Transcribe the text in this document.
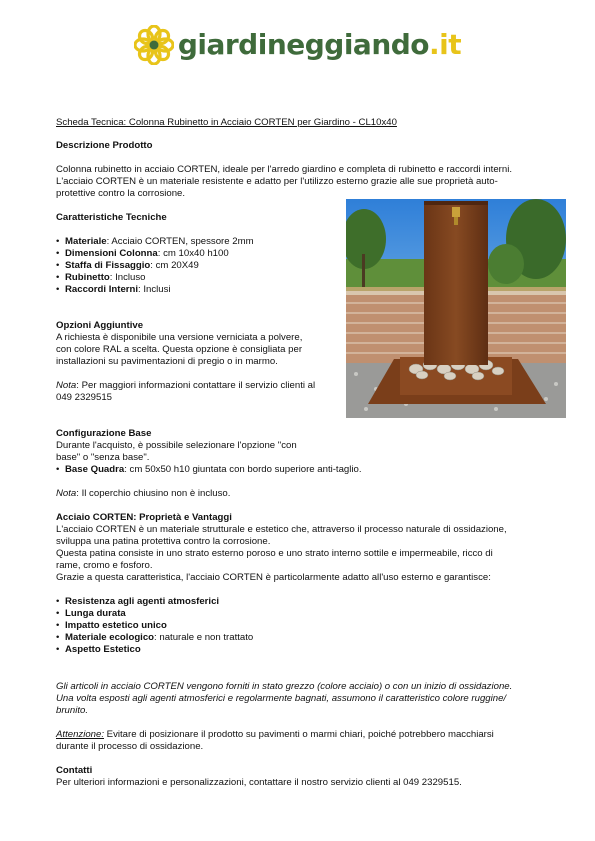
giardineggiando.it
Scheda Tecnica: Colonna Rubinetto in Acciaio CORTEN per Giardino - CL10x40
Descrizione Prodotto
Colonna rubinetto in acciaio CORTEN, ideale per l'arredo giardino e completa di rubinetto e raccordi interni.
L'acciaio CORTEN è un materiale resistente e adatto per l'utilizzo esterno grazie alle sue proprietà auto-
protettive contro la corrosione.
Caratteristiche Tecniche
• Materiale: Acciaio CORTEN, spessore 2mm
• Dimensioni Colonna: cm 10x40 h100
• Staffa di Fissaggio: cm 20X49
• Rubinetto: Incluso
• Raccordi Interni: Inclusi
Opzioni Aggiuntive
A richiesta è disponibile una versione verniciata a polvere,
con colore RAL a scelta. Questa opzione è consigliata per
installazioni su pavimentazioni di pregio o in marmo.
Nota: Per maggiori informazioni contattare il servizio clienti al
049 2329515
Configurazione Base
Durante l'acquisto, è possibile selezionare l'opzione "con
base" o "senza base".
• Base Quadra: cm 50x50 h10 giuntata con bordo superiore anti-taglio.
Nota: Il coperchio chiusino non è incluso.
Acciaio CORTEN: Proprietà e Vantaggi
L'acciaio CORTEN è un materiale strutturale e estetico che, attraverso il processo naturale di ossidazione,
sviluppa una patina protettiva contro la corrosione.
Questa patina consiste in uno strato esterno poroso e uno strato interno sottile e impermeabile, ricco di
rame, cromo e fosforo.
Grazie a questa caratteristica, l'acciaio CORTEN è particolarmente adatto all'uso esterno e garantisce:
• Resistenza agli agenti atmosferici
• Lunga durata
• Impatto estetico unico
• Materiale ecologico: naturale e non trattato
• Aspetto Estetico
Gli articoli in acciaio CORTEN vengono forniti in stato grezzo (colore acciaio) o con un inizio di ossidazione.
Una volta esposti agli agenti atmosferici e regolarmente bagnati, assumono il caratteristico colore ruggine/
brunito.
Attenzione: Evitare di posizionare il prodotto su pavimenti o marmi chiari, poiché potrebbero macchiarsi
durante il processo di ossidazione.
Contatti
Per ulteriori informazioni e personalizzazioni, contattare il nostro servizio clienti al 049 2329515.
